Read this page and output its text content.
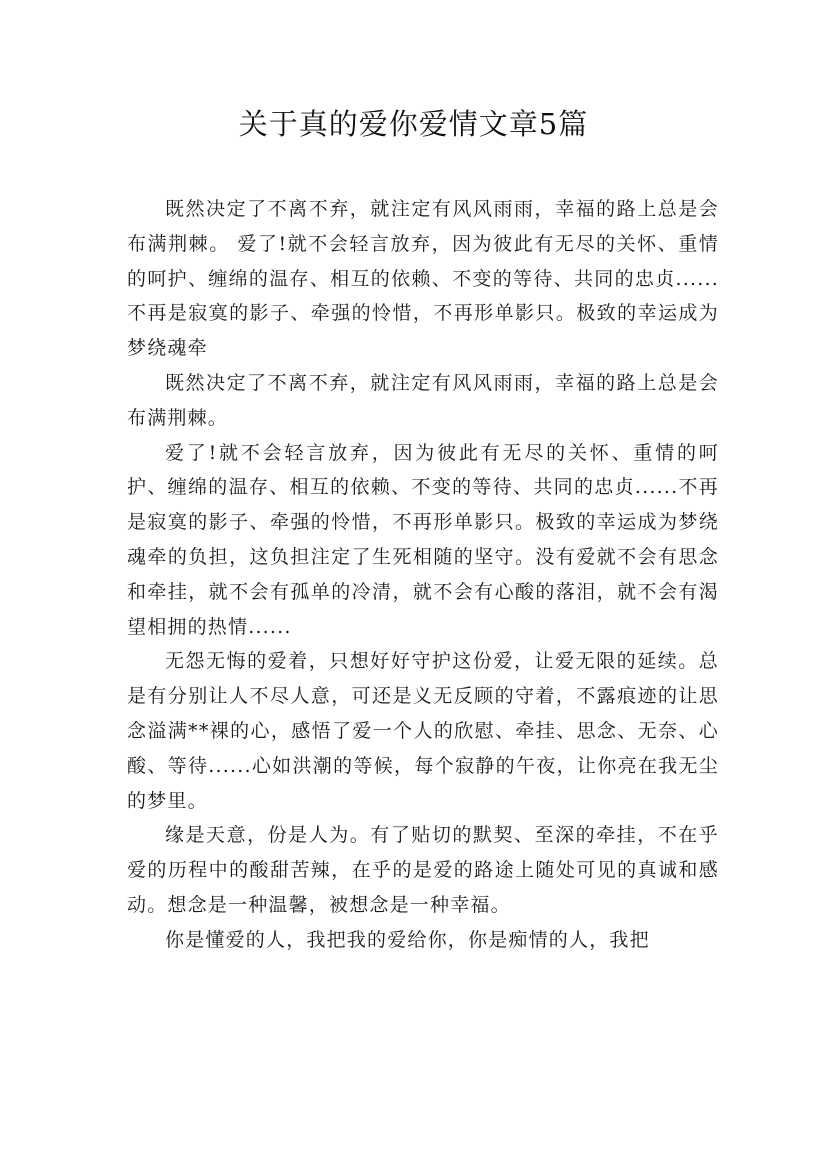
关于真的爱你爱情文章5篇

既然决定了不离不弃，就注定有风风雨雨，幸福的路上总是会布满荆棘。 爱了!就不会轻言放弃，因为彼此有无尽的关怀、重情的呵护、缠绵的温存、相互的依赖、不变的等待、共同的忠贞......不再是寂寞的影子、牵强的怜惜，不再形单影只。极致的幸运成为梦绕魂牵

既然决定了不离不弃，就注定有风风雨雨，幸福的路上总是会布满荆棘。

爱了!就不会轻言放弃，因为彼此有无尽的关怀、重情的呵护、缠绵的温存、相互的依赖、不变的等待、共同的忠贞......不再是寂寞的影子、牵强的怜惜，不再形单影只。极致的幸运成为梦绕魂牵的负担，这负担注定了生死相随的坚守。没有爱就不会有思念和牵挂，就不会有孤单的冷清，就不会有心酸的落泪，就不会有渴望相拥的热情......

无怨无悔的爱着，只想好好守护这份爱，让爱无限的延续。总是有分别让人不尽人意，可还是义无反顾的守着，不露痕迹的让思念溢满**裸的心，感悟了爱一个人的欣慰、牵挂、思念、无奈、心酸、等待......心如洪潮的等候，每个寂静的午夜，让你亮在我无尘的梦里。

缘是天意，份是人为。有了贴切的默契、至深的牵挂，不在乎爱的历程中的酸甜苦辣，在乎的是爱的路途上随处可见的真诚和感动。想念是一种温馨，被想念是一种幸福。

你是懂爱的人，我把我的爱给你，你是痴情的人，我把
